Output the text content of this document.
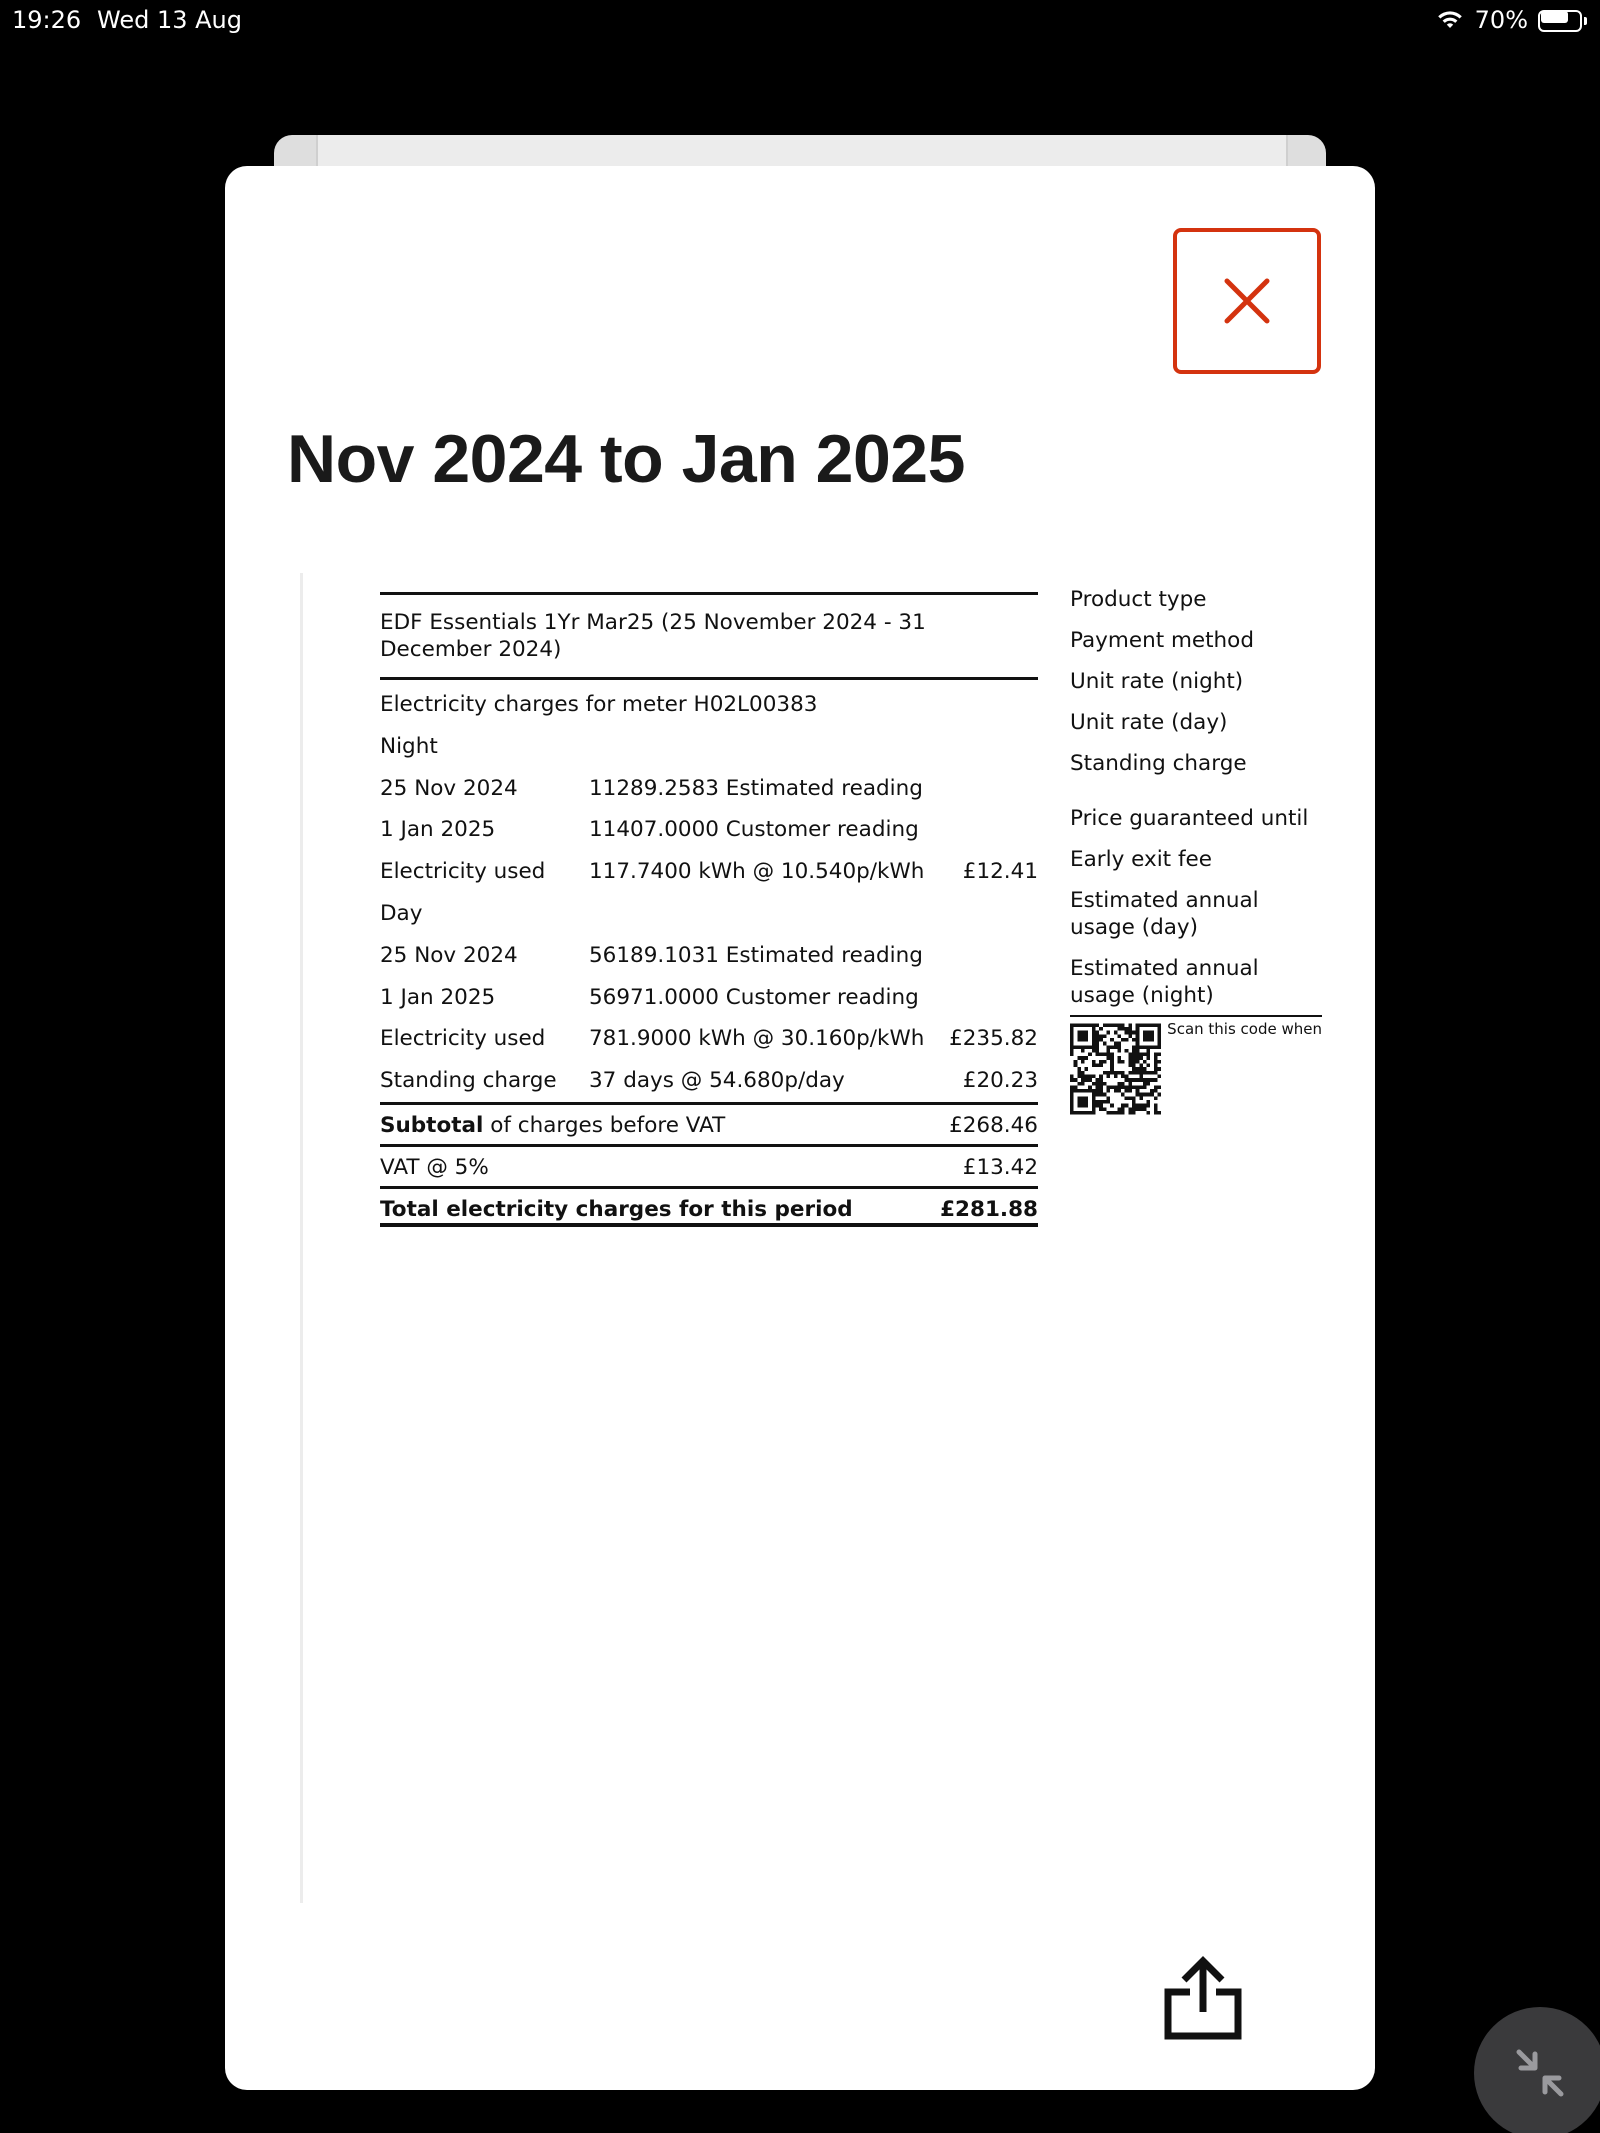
19:26 Wed 13 Aug	70%
Nov 2024 to Jan 2025
EDF Essentials 1Yr Mar25 (25 November 2024 - 31 December 2024)
Electricity charges for meter H02L00383
Night
25 Nov 2024	11289.2583 Estimated reading
1 Jan 2025	11407.0000 Customer reading
Electricity used 117.7400 kWh @ 10.540p/kWh £12.41
Day
25 Nov 2024	56189.1031 Estimated reading
1 Jan 2025	56971.0000 Customer reading
Electricity used 781.9000 kWh @ 30.160p/kWh £235.82
Standing charge 37 days @ 54.680p/day	£20.23
Subtotal of charges before VAT	£268.46
VAT @ 5%	£13.42
Total electricity charges for this period	£281.88
Product type
Payment method
Unit rate (night)
Unit rate (day)
Standing charge
Price guaranteed until
Early exit fee
Estimated annual usage (day)
Estimated annual usage (night)
Scan this code when
